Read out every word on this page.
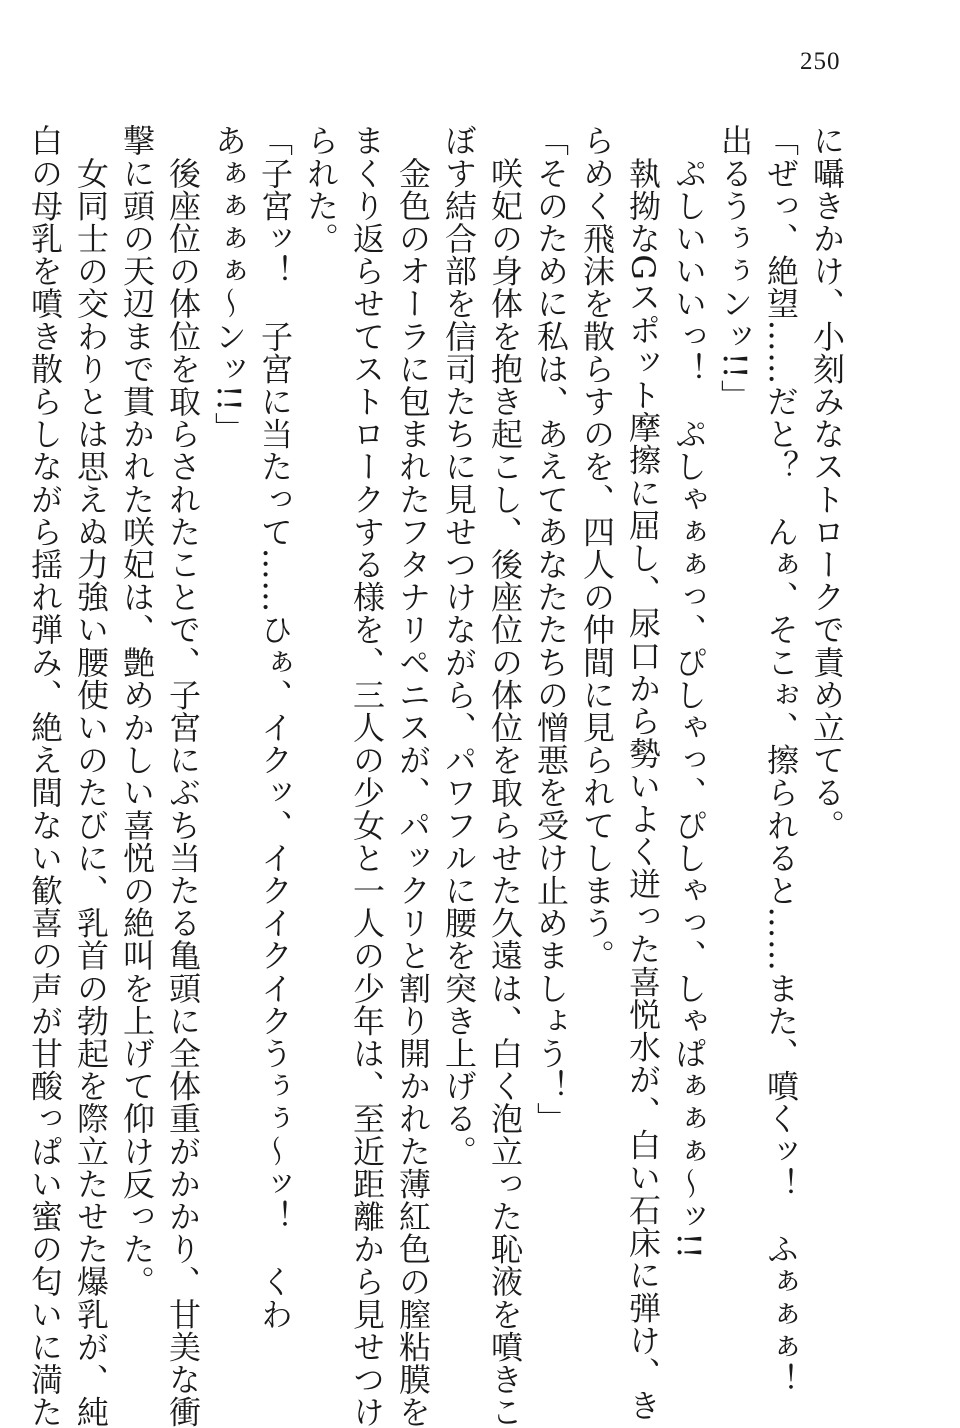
250
に囁きかけ、小刻みなストロークで責め立てる。
「ぜっ、絶望……だと？　んぁ、そこぉ、擦られると……また、噴くッ！　ふぁぁぁ！
出るうぅぅンッ!!」
　ぷしいいいっ！　ぷしゃぁぁっ、ぴしゃっ、ぴしゃっ、しゃぱぁぁぁ〜ッ!!
　執拗なGスポット摩擦に屈し、尿口から勢いよく迸った喜悦水が、白い石床に弾け、き
らめく飛沫を散らすのを、四人の仲間に見られてしまう。
「そのために私は、あえてあなたたちの憎悪を受け止めましょう！」
　咲妃の身体を抱き起こし、後座位の体位を取らせた久遠は、白く泡立った恥液を噴きこ
ぼす結合部を信司たちに見せつけながら、パワフルに腰を突き上げる。
　金色のオーラに包まれたフタナリペニスが、パックリと割り開かれた薄紅色の膣粘膜を
まくり返らせてストロークする様を、三人の少女と一人の少年は、至近距離から見せつけ
られた。
「子宮ッ！　子宮に当たって……ひぁ、イクッ、イクイクイクうぅぅ〜ッ！　くわ
あぁぁぁぁ〜ンッ!!」
　後座位の体位を取らされたことで、子宮にぶち当たる亀頭に全体重がかかり、甘美な衝
撃に頭の天辺まで貫かれた咲妃は、艶めかしい喜悦の絶叫を上げて仰け反った。
　女同士の交わりとは思えぬ力強い腰使いのたびに、乳首の勃起を際立たせた爆乳が、純
白の母乳を噴き散らしながら揺れ弾み、絶え間ない歓喜の声が甘酸っぱい蜜の匂いに満た
